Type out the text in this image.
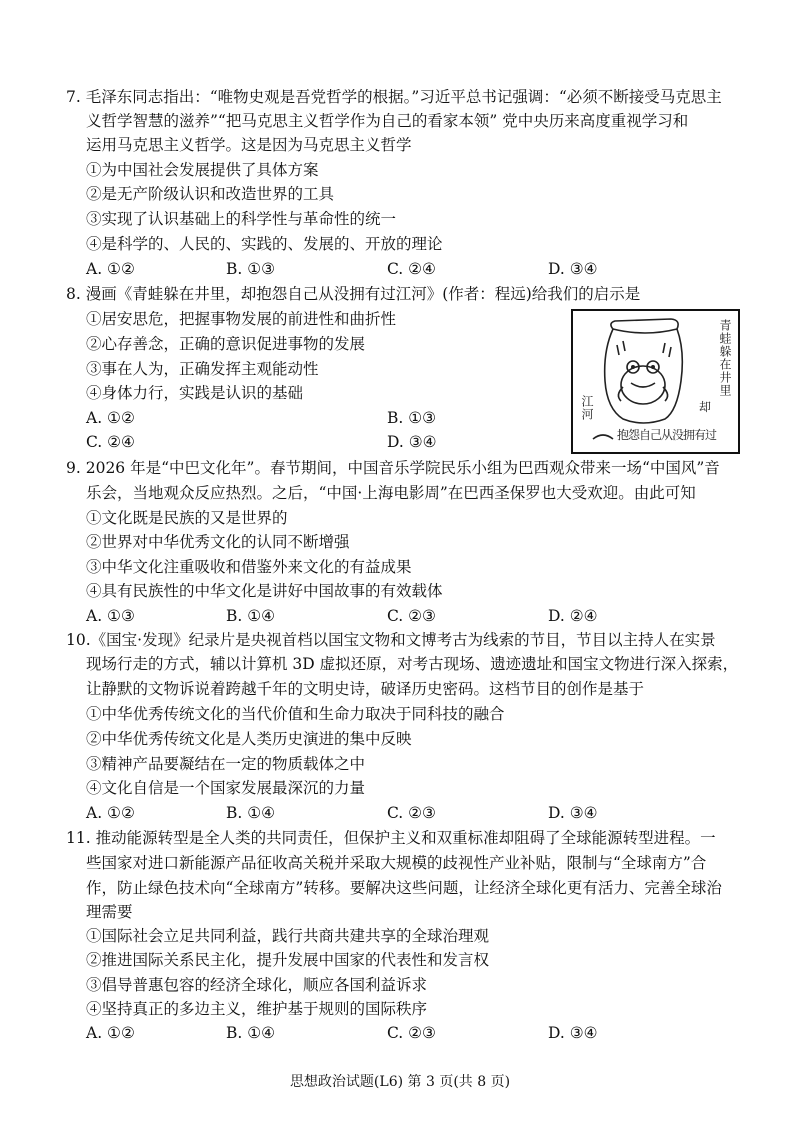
7. 毛泽东同志指出：“唯物史观是吾党哲学的根据。”习近平总书记强调：“必须不断接受马克思主
义哲学智慧的滋养”“把马克思主义哲学作为自己的看家本领” 党中央历来高度重视学习和
运用马克思主义哲学。这是因为马克思主义哲学
①为中国社会发展提供了具体方案
②是无产阶级认识和改造世界的工具
③实现了认识基础上的科学性与革命性的统一
④是科学的、人民的、实践的、发展的、开放的理论
A. ①②	B. ①③	C. ②④	D. ③④
8. 漫画《青蛙躲在井里，却抱怨自己从没拥有过江河》(作者：程远)给我们的启示是
①居安思危，把握事物发展的前进性和曲折性
②心存善念，正确的意识促进事物的发展
③事在人为，正确发挥主观能动性
④身体力行，实践是认识的基础
A. ①②	B. ①③
C. ②④	D. ③④
青蛙躲在井里
却
抱怨自己从没拥有过
江河
9. 2026 年是“中巴文化年”。春节期间，中国音乐学院民乐小组为巴西观众带来一场“中国风”音
乐会，当地观众反应热烈。之后，“中国·上海电影周”在巴西圣保罗也大受欢迎。由此可知
①文化既是民族的又是世界的
②世界对中华优秀文化的认同不断增强
③中华文化注重吸收和借鉴外来文化的有益成果
④具有民族性的中华文化是讲好中国故事的有效载体
A. ①③	B. ①④	C. ②③	D. ②④
10.《国宝·发现》纪录片是央视首档以国宝文物和文博考古为线索的节目，节目以主持人在实景
现场行走的方式，辅以计算机 3D 虚拟还原，对考古现场、遗迹遗址和国宝文物进行深入探索，
让静默的文物诉说着跨越千年的文明史诗，破译历史密码。这档节目的创作是基于
①中华优秀传统文化的当代价值和生命力取决于同科技的融合
②中华优秀传统文化是人类历史演进的集中反映
③精神产品要凝结在一定的物质载体之中
④文化自信是一个国家发展最深沉的力量
A. ①②	B. ①④	C. ②③	D. ③④
11. 推动能源转型是全人类的共同责任，但保护主义和双重标准却阻碍了全球能源转型进程。一
些国家对进口新能源产品征收高关税并采取大规模的歧视性产业补贴，限制与“全球南方”合
作，防止绿色技术向“全球南方”转移。要解决这些问题，让经济全球化更有活力、完善全球治
理需要
①国际社会立足共同利益，践行共商共建共享的全球治理观
②推进国际关系民主化，提升发展中国家的代表性和发言权
③倡导普惠包容的经济全球化，顺应各国利益诉求
④坚持真正的多边主义，维护基于规则的国际秩序
A. ①②	B. ①④	C. ②③	D. ③④
思想政治试题(L6) 第 3 页(共 8 页)
